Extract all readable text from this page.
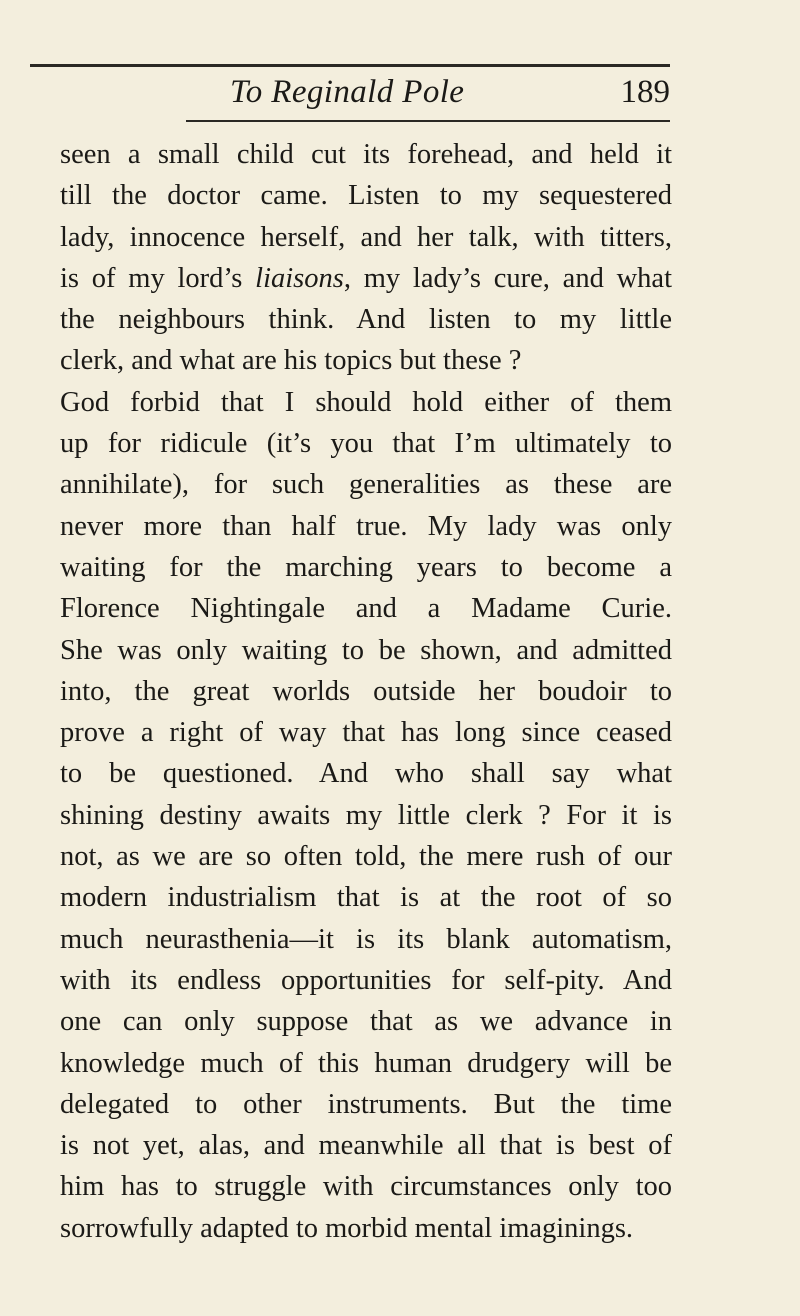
To Reginald Pole	189
seen a small child cut its forehead, and held it
till the doctor came. Listen to my sequestered
lady, innocence herself, and her talk, with titters,
is of my lord’s liaisons, my lady’s cure, and what
the neighbours think. And listen to my little
clerk, and what are his topics but these ?
God forbid that I should hold either of them
up for ridicule (it’s you that I’m ultimately to
annihilate), for such generalities as these are
never more than half true. My lady was only
waiting for the marching years to become a
Florence Nightingale and a Madame Curie.
She was only waiting to be shown, and admitted
into, the great worlds outside her boudoir to
prove a right of way that has long since ceased
to be questioned. And who shall say what
shining destiny awaits my little clerk ? For it is
not, as we are so often told, the mere rush of our
modern industrialism that is at the root of so
much neurasthenia—it is its blank automatism,
with its endless opportunities for self-pity. And
one can only suppose that as we advance in
knowledge much of this human drudgery will be
delegated to other instruments. But the time
is not yet, alas, and meanwhile all that is best of
him has to struggle with circumstances only too
sorrowfully adapted to morbid mental imaginings.
